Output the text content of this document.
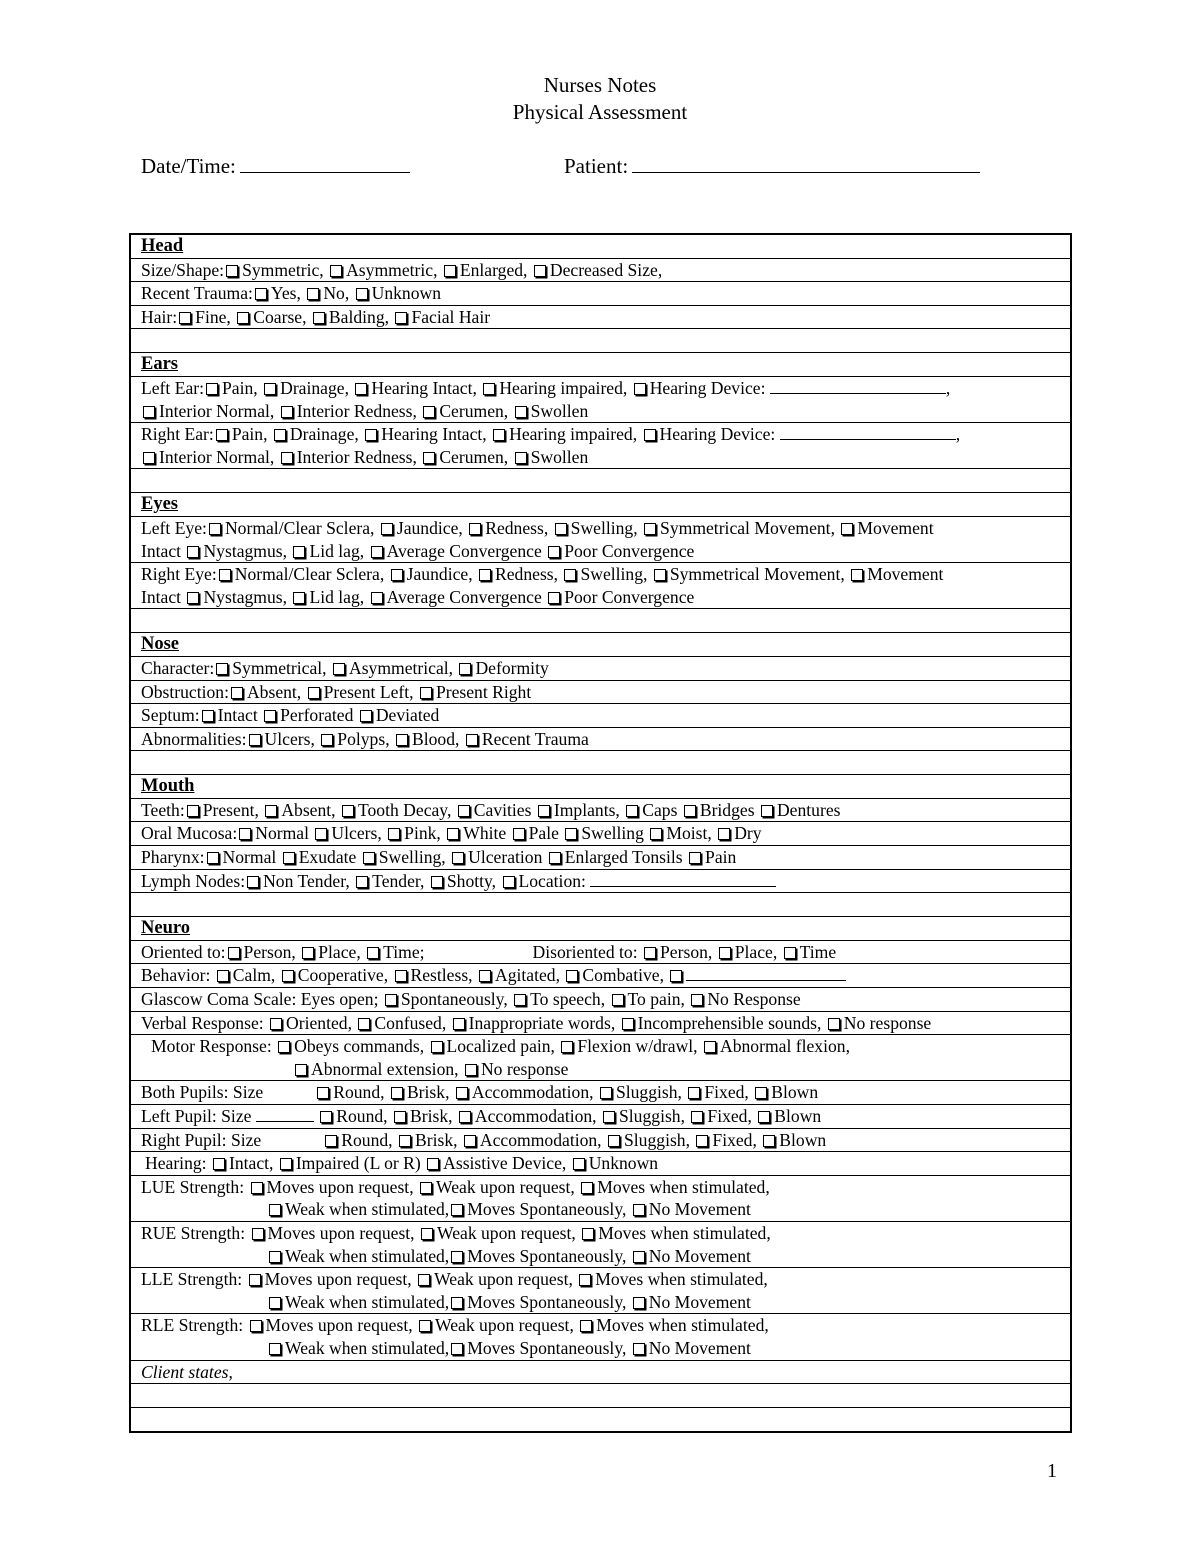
Nurses Notes
Physical Assessment
Date/Time:	Patient:
Head
Size/Shape: Symmetric, Asymmetric, Enlarged, Decreased Size,
Recent Trauma: Yes, No, Unknown
Hair: Fine, Coarse, Balding, Facial Hair
Ears
Left Ear: Pain, Drainage, Hearing Intact, Hearing impaired, Hearing Device:	,
Interior Normal, Interior Redness, Cerumen, Swollen
Right Ear: Pain, Drainage, Hearing Intact, Hearing impaired, Hearing Device:	,
Interior Normal, Interior Redness, Cerumen, Swollen
Eyes
Left Eye: Normal/Clear Sclera, Jaundice, Redness, Swelling, Symmetrical Movement, Movement
Intact Nystagmus, Lid lag, Average Convergence Poor Convergence
Right Eye: Normal/Clear Sclera, Jaundice, Redness, Swelling, Symmetrical Movement, Movement
Intact Nystagmus, Lid lag, Average Convergence Poor Convergence
Nose
Character: Symmetrical, Asymmetrical, Deformity
Obstruction: Absent, Present Left, Present Right
Septum: Intact Perforated Deviated
Abnormalities: Ulcers, Polyps, Blood, Recent Trauma
Mouth
Teeth: Present, Absent, Tooth Decay, Cavities Implants, Caps Bridges Dentures
Oral Mucosa: Normal Ulcers, Pink, White Pale Swelling Moist, Dry
Pharynx: Normal Exudate Swelling, Ulceration Enlarged Tonsils Pain
Lymph Nodes: Non Tender, Tender, Shotty, Location:
Neuro
Oriented to: Person, Place, Time;	Disoriented to: Person, Place, Time
Behavior: Calm, Cooperative, Restless, Agitated, Combative,
Glascow Coma Scale: Eyes open; Spontaneously, To speech, To pain, No Response
Verbal Response: Oriented, Confused, Inappropriate words, Incomprehensible sounds, No response
Motor Response: Obeys commands, Localized pain, Flexion w/drawl, Abnormal flexion,
Abnormal extension, No response
Both Pupils: Size	Round, Brisk, Accommodation, Sluggish, Fixed, Blown
Left Pupil: Size	Round, Brisk, Accommodation, Sluggish, Fixed, Blown
Right Pupil: Size	Round, Brisk, Accommodation, Sluggish, Fixed, Blown
Hearing: Intact, Impaired (L or R) Assistive Device, Unknown
LUE Strength: Moves upon request, Weak upon request, Moves when stimulated,
Weak when stimulated, Moves Spontaneously, No Movement
RUE Strength: Moves upon request, Weak upon request, Moves when stimulated,
Weak when stimulated, Moves Spontaneously, No Movement
LLE Strength: Moves upon request, Weak upon request, Moves when stimulated,
Weak when stimulated, Moves Spontaneously, No Movement
RLE Strength: Moves upon request, Weak upon request, Moves when stimulated,
Weak when stimulated, Moves Spontaneously, No Movement
Client states,
1
